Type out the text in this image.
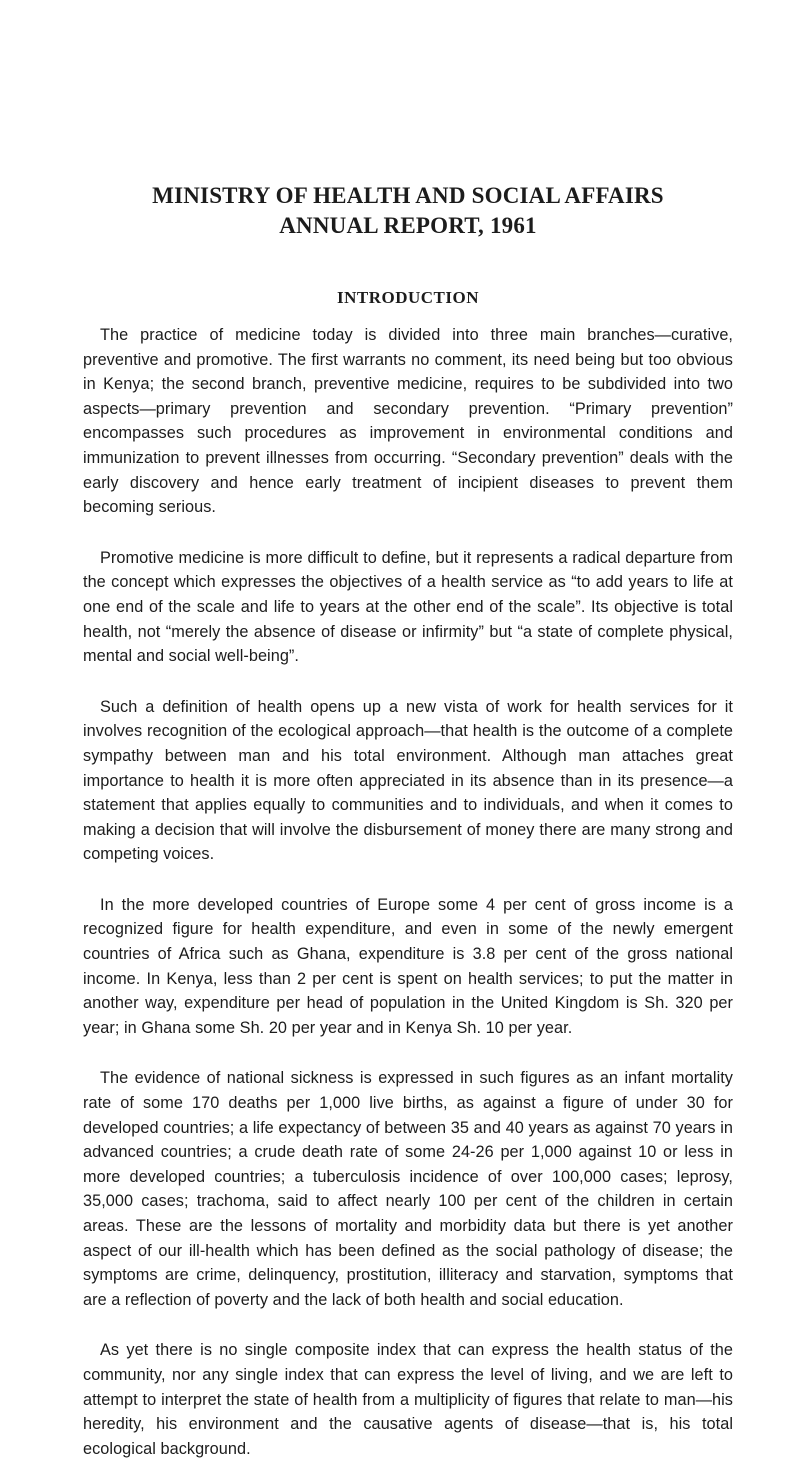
MINISTRY OF HEALTH AND SOCIAL AFFAIRS

ANNUAL REPORT, 1961

INTRODUCTION

The practice of medicine today is divided into three main branches—curative, preventive and promotive. The first warrants no comment, its need being but too obvious in Kenya; the second branch, preventive medicine, requires to be subdivided into two aspects—primary prevention and secondary prevention. “Primary prevention” encompasses such procedures as improvement in environmental conditions and immunization to prevent illnesses from occurring. “Secondary prevention” deals with the early discovery and hence early treatment of incipient diseases to prevent them becoming serious.

Promotive medicine is more difficult to define, but it represents a radical departure from the concept which expresses the objectives of a health service as “to add years to life at one end of the scale and life to years at the other end of the scale”. Its objective is total health, not “merely the absence of disease or infirmity” but “a state of complete physical, mental and social well-being”.

Such a definition of health opens up a new vista of work for health services for it involves recognition of the ecological approach—that health is the outcome of a complete sympathy between man and his total environment. Although man attaches great importance to health it is more often appreciated in its absence than in its presence—a statement that applies equally to communities and to individuals, and when it comes to making a decision that will involve the disbursement of money there are many strong and competing voices.

In the more developed countries of Europe some 4 per cent of gross income is a recognized figure for health expenditure, and even in some of the newly emergent countries of Africa such as Ghana, expenditure is 3.8 per cent of the gross national income. In Kenya, less than 2 per cent is spent on health services; to put the matter in another way, expenditure per head of population in the United Kingdom is Sh. 320 per year; in Ghana some Sh. 20 per year and in Kenya Sh. 10 per year.

The evidence of national sickness is expressed in such figures as an infant mortality rate of some 170 deaths per 1,000 live births, as against a figure of under 30 for developed countries; a life expectancy of between 35 and 40 years as against 70 years in advanced countries; a crude death rate of some 24-26 per 1,000 against 10 or less in more developed countries; a tuberculosis incidence of over 100,000 cases; leprosy, 35,000 cases; trachoma, said to affect nearly 100 per cent of the children in certain areas. These are the lessons of mortality and morbidity data but there is yet another aspect of our ill-health which has been defined as the social pathology of disease; the symptoms are crime, delinquency, prostitution, illiteracy and starvation, symptoms that are a reflection of poverty and the lack of both health and social education.

As yet there is no single composite index that can express the health status of the community, nor any single index that can express the level of living, and we are left to attempt to interpret the state of health from a multiplicity of figures that relate to man—his heredity, his environment and the causative agents of disease—that is, his total ecological background.
